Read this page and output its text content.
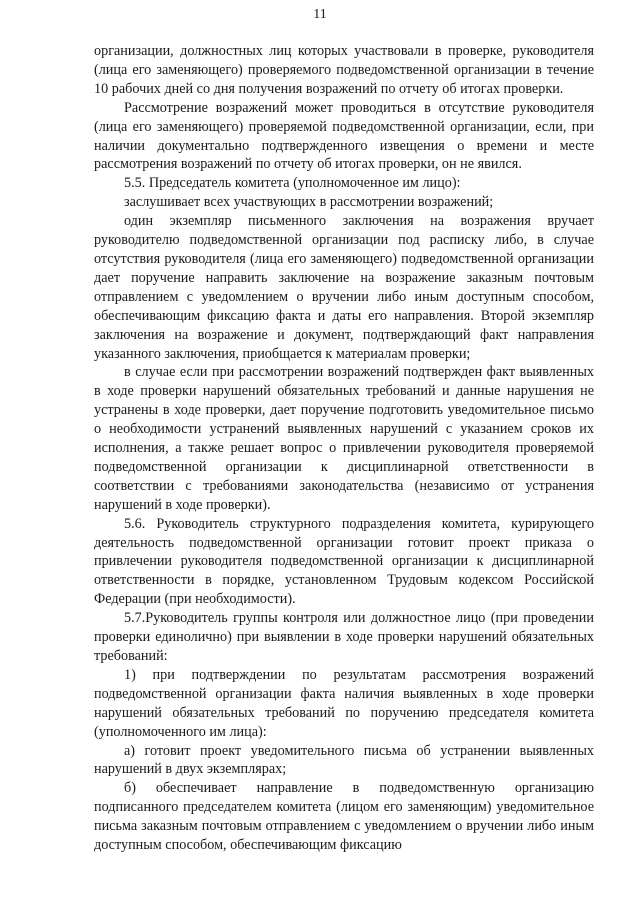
11

организации, должностных лиц которых участвовали в проверке, руководителя (лица его заменяющего) проверяемого подведомственной организации в течение 10 рабочих дней со дня получения возражений по отчету об итогах проверки.

Рассмотрение возражений может проводиться в отсутствие руководителя (лица его заменяющего) проверяемой подведомственной организации, если, при наличии документально подтвержденного извещения о времени и месте рассмотрения возражений по отчету об итогах проверки, он не явился.

5.5. Председатель комитета (уполномоченное им лицо):

заслушивает всех участвующих в рассмотрении возражений;

один экземпляр письменного заключения на возражения вручает руководителю подведомственной организации под расписку либо, в случае отсутствия руководителя (лица его заменяющего) подведомственной организации дает поручение направить заключение на возражение заказным почтовым отправлением с уведомлением о вручении либо иным доступным способом, обеспечивающим фиксацию факта и даты его направления. Второй экземпляр заключения на возражение и документ, подтверждающий факт направления указанного заключения, приобщается к материалам проверки;

в случае если при рассмотрении возражений подтвержден факт выявленных в ходе проверки нарушений обязательных требований и данные нарушения не устранены в ходе проверки, дает поручение подготовить уведомительное письмо о необходимости устранений выявленных нарушений с указанием сроков их исполнения, а также решает вопрос о привлечении руководителя проверяемой подведомственной организации к дисциплинарной ответственности в соответствии с требованиями законодательства (независимо от устранения нарушений в ходе проверки).

5.6. Руководитель структурного подразделения комитета, курирующего деятельность подведомственной организации готовит проект приказа о привлечении руководителя подведомственной организации к дисциплинарной ответственности в порядке, установленном Трудовым кодексом Российской Федерации (при необходимости).

5.7.Руководитель группы контроля или должностное лицо (при проведении проверки единолично) при выявлении в ходе проверки нарушений обязательных требований:

1) при подтверждении по результатам рассмотрения возражений подведомственной организации факта наличия выявленных в ходе проверки нарушений обязательных требований по поручению председателя комитета (уполномоченного им лица):

а) готовит проект уведомительного письма об устранении выявленных нарушений в двух экземплярах;

б) обеспечивает направление в подведомственную организацию подписанного председателем комитета (лицом его заменяющим) уведомительное письма заказным почтовым отправлением с уведомлением о вручении либо иным доступным способом, обеспечивающим фиксацию
